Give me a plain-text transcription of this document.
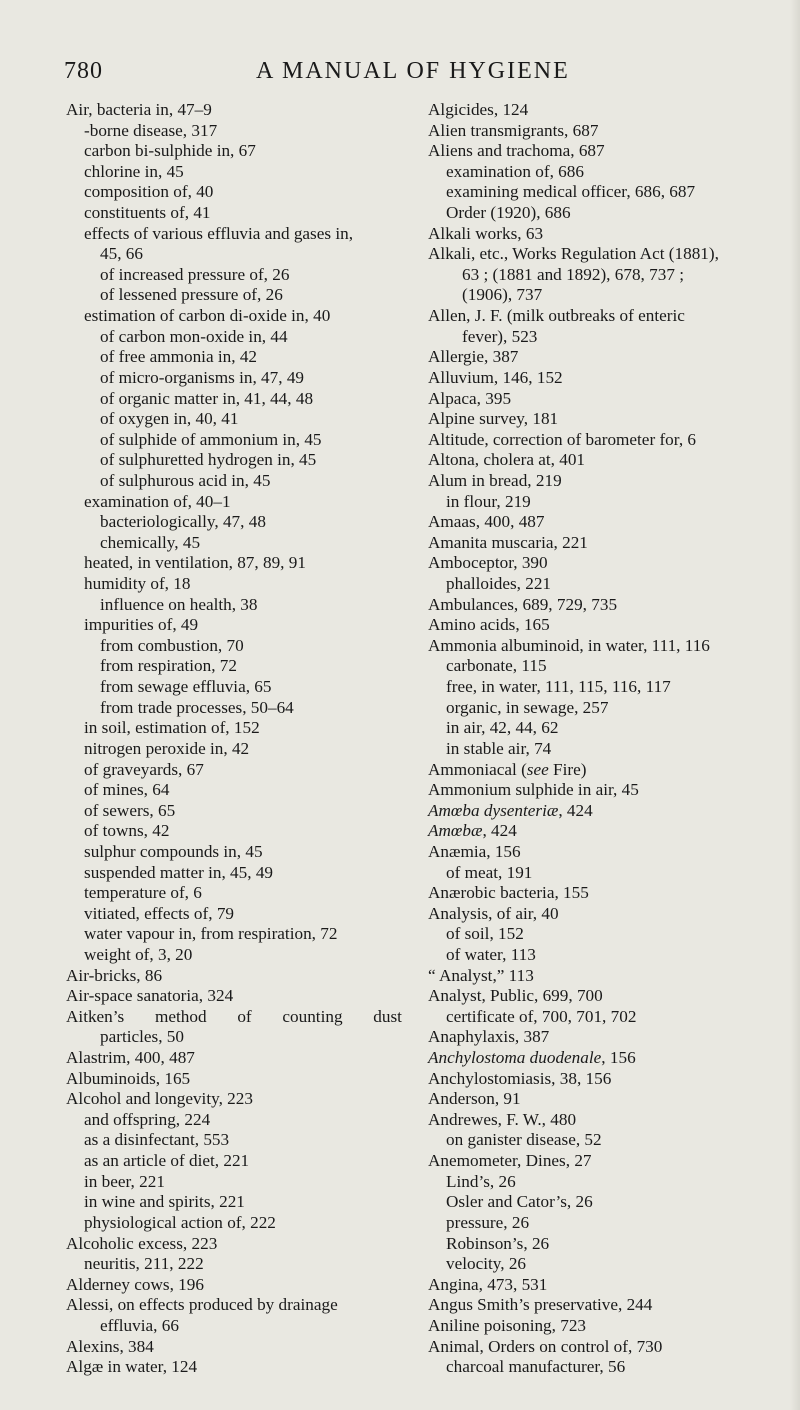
780	A MANUAL OF HYGIENE
Air, bacteria in, 47–9
-borne disease, 317
carbon bi-sulphide in, 67
chlorine in, 45
composition of, 40
constituents of, 41
effects of various effluvia and gases in,
45, 66
of increased pressure of, 26
of lessened pressure of, 26
estimation of carbon di-oxide in, 40
of carbon mon-oxide in, 44
of free ammonia in, 42
of micro-organisms in, 47, 49
of organic matter in, 41, 44, 48
of oxygen in, 40, 41
of sulphide of ammonium in, 45
of sulphuretted hydrogen in, 45
of sulphurous acid in, 45
examination of, 40–1
bacteriologically, 47, 48
chemically, 45
heated, in ventilation, 87, 89, 91
humidity of, 18
influence on health, 38
impurities of, 49
from combustion, 70
from respiration, 72
from sewage effluvia, 65
from trade processes, 50–64
in soil, estimation of, 152
nitrogen peroxide in, 42
of graveyards, 67
of mines, 64
of sewers, 65
of towns, 42
sulphur compounds in, 45
suspended matter in, 45, 49
temperature of, 6
vitiated, effects of, 79
water vapour in, from respiration, 72
weight of, 3, 20
Air-bricks, 86
Air-space sanatoria, 324
Aitken’s method of counting dust
particles, 50
Alastrim, 400, 487
Albuminoids, 165
Alcohol and longevity, 223
and offspring, 224
as a disinfectant, 553
as an article of diet, 221
in beer, 221
in wine and spirits, 221
physiological action of, 222
Alcoholic excess, 223
neuritis, 211, 222
Alderney cows, 196
Alessi, on effects produced by drainage
effluvia, 66
Alexins, 384
Algæ in water, 124
Algicides, 124
Alien transmigrants, 687
Aliens and trachoma, 687
examination of, 686
examining medical officer, 686, 687
Order (1920), 686
Alkali works, 63
Alkali, etc., Works Regulation Act (1881),
63 ; (1881 and 1892), 678, 737 ;
(1906), 737
Allen, J. F. (milk outbreaks of enteric
fever), 523
Allergie, 387
Alluvium, 146, 152
Alpaca, 395
Alpine survey, 181
Altitude, correction of barometer for, 6
Altona, cholera at, 401
Alum in bread, 219
in flour, 219
Amaas, 400, 487
Amanita muscaria, 221
Amboceptor, 390
phalloides, 221
Ambulances, 689, 729, 735
Amino acids, 165
Ammonia albuminoid, in water, 111, 116
carbonate, 115
free, in water, 111, 115, 116, 117
organic, in sewage, 257
in air, 42, 44, 62
in stable air, 74
Ammoniacal (see Fire)
Ammonium sulphide in air, 45
Amœba dysenteriæ, 424
Amœbæ, 424
Anæmia, 156
of meat, 191
Anærobic bacteria, 155
Analysis, of air, 40
of soil, 152
of water, 113
“ Analyst,” 113
Analyst, Public, 699, 700
certificate of, 700, 701, 702
Anaphylaxis, 387
Anchylostoma duodenale, 156
Anchylostomiasis, 38, 156
Anderson, 91
Andrewes, F. W., 480
on ganister disease, 52
Anemometer, Dines, 27
Lind’s, 26
Osler and Cator’s, 26
pressure, 26
Robinson’s, 26
velocity, 26
Angina, 473, 531
Angus Smith’s preservative, 244
Aniline poisoning, 723
Animal, Orders on control of, 730
charcoal manufacturer, 56
